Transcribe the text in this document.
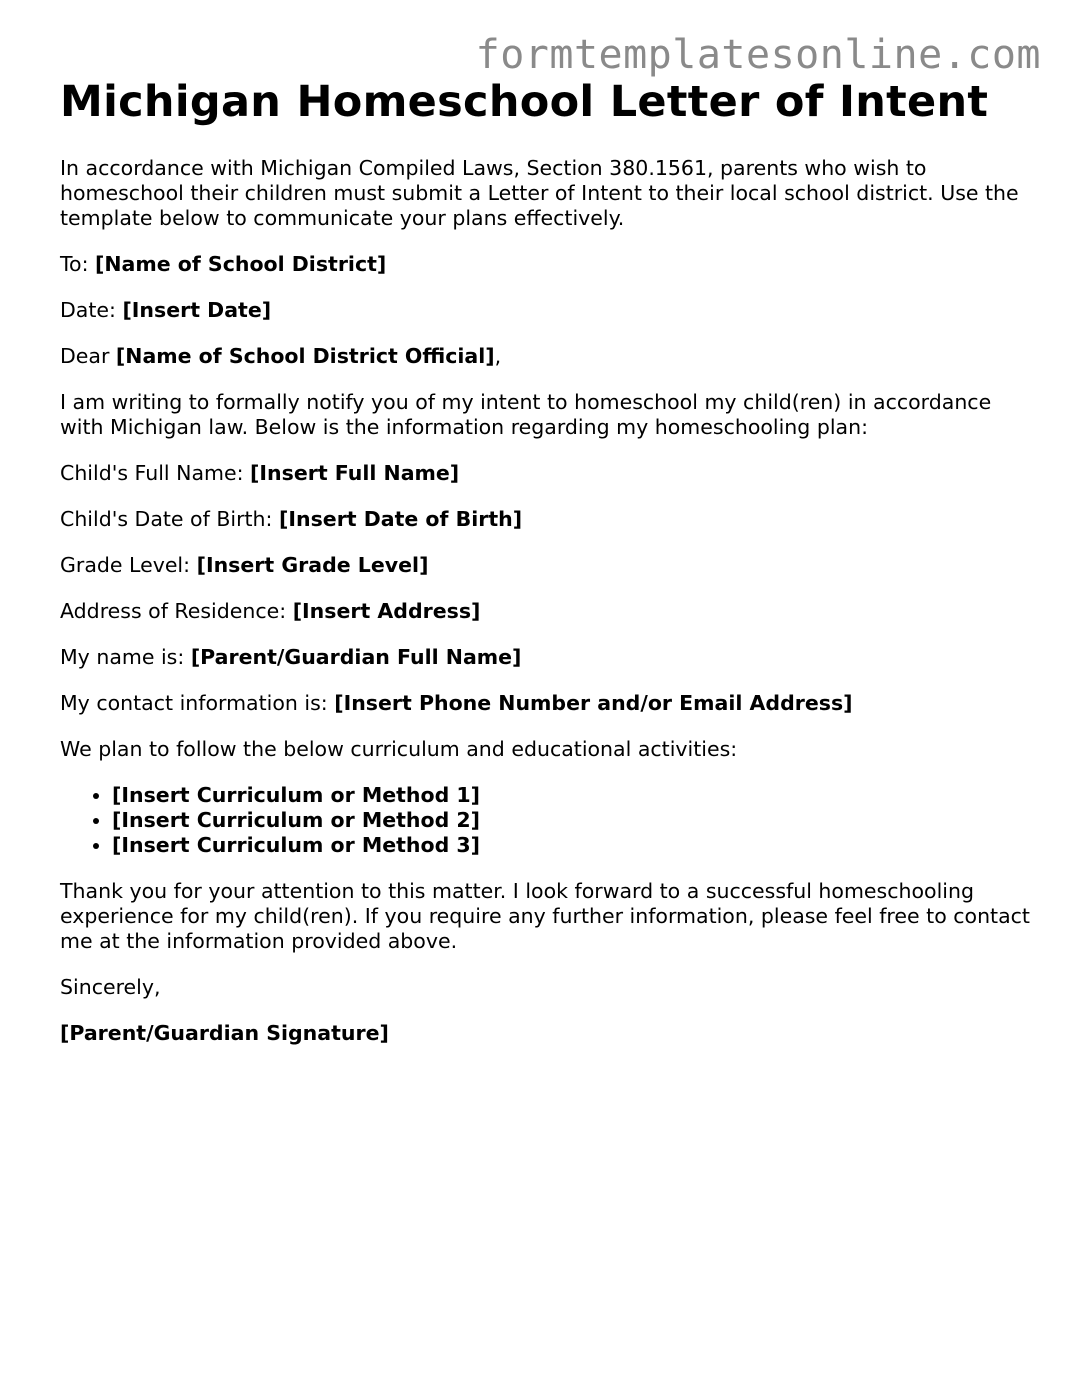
formtemplatesonline.com
Michigan Homeschool Letter of Intent

In accordance with Michigan Compiled Laws, Section 380.1561, parents who wish to homeschool their children must submit a Letter of Intent to their local school district. Use the template below to communicate your plans effectively.

To: [Name of School District]

Date: [Insert Date]

Dear [Name of School District Official],

I am writing to formally notify you of my intent to homeschool my child(ren) in accordance with Michigan law. Below is the information regarding my homeschooling plan:

Child's Full Name: [Insert Full Name]

Child's Date of Birth: [Insert Date of Birth]

Grade Level: [Insert Grade Level]

Address of Residence: [Insert Address]

My name is: [Parent/Guardian Full Name]

My contact information is: [Insert Phone Number and/or Email Address]

We plan to follow the below curriculum and educational activities:

• [Insert Curriculum or Method 1]
• [Insert Curriculum or Method 2]
• [Insert Curriculum or Method 3]

Thank you for your attention to this matter. I look forward to a successful homeschooling experience for my child(ren). If you require any further information, please feel free to contact me at the information provided above.

Sincerely,

[Parent/Guardian Signature]
